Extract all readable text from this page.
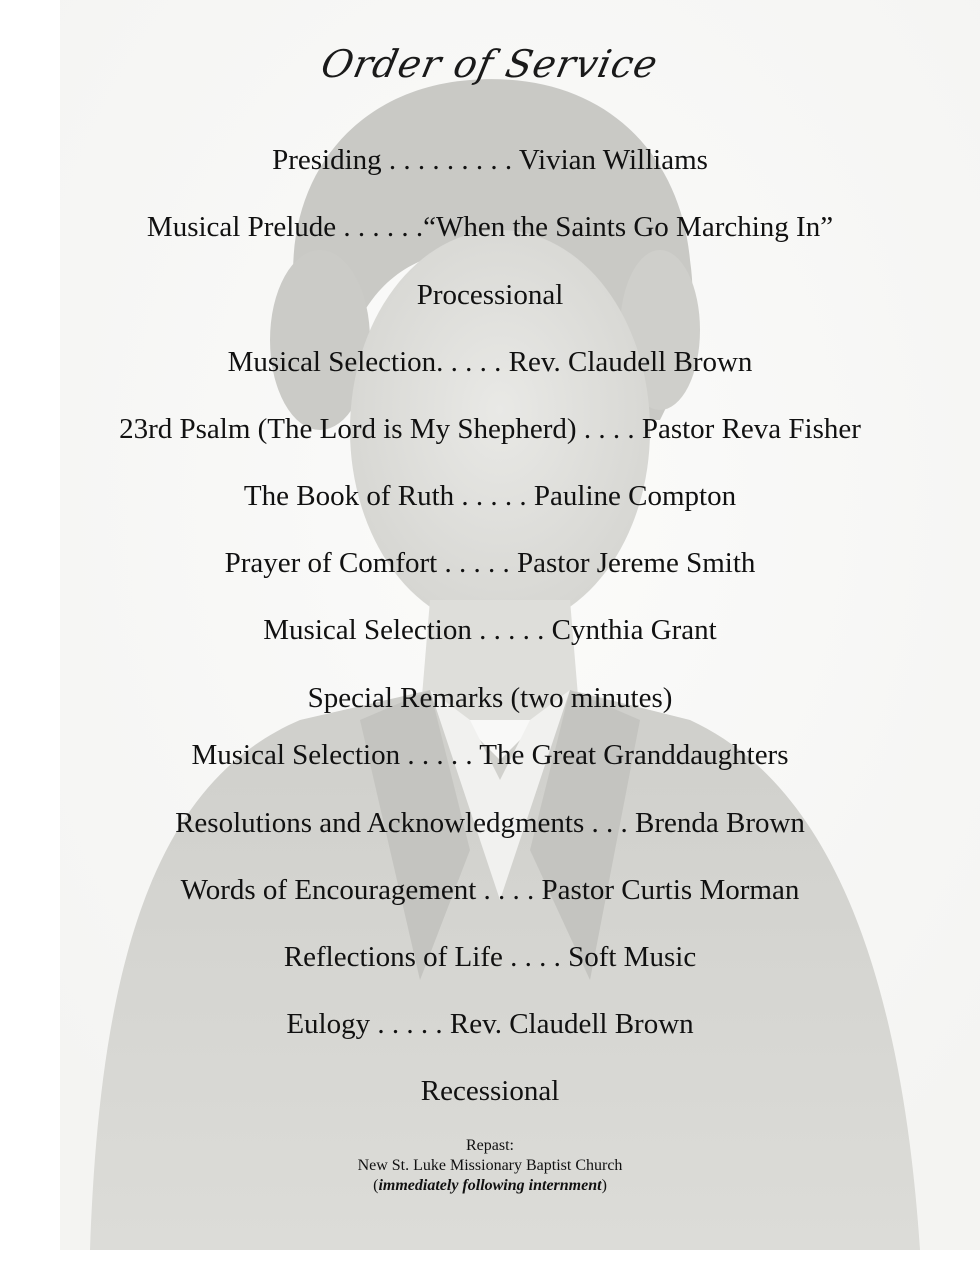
Order of Service
Presiding . . . . . . . . . Vivian Williams
Musical Prelude . . . . . .“When the Saints Go Marching In”
Processional
Musical Selection. . . . . Rev. Claudell Brown
23rd Psalm (The Lord is My Shepherd) . . . . Pastor Reva Fisher
The Book of Ruth . . . . . Pauline Compton
Prayer of Comfort . . . . . Pastor Jereme Smith
Musical Selection . . . . . Cynthia Grant
Special Remarks (two minutes)
Musical Selection . . . . . The Great Granddaughters
Resolutions and Acknowledgments . . . Brenda Brown
Words of Encouragement . . . . Pastor Curtis Morman
Reflections of Life . . . . Soft Music
Eulogy . . . . . Rev. Claudell Brown
Recessional
Repast:
New St. Luke Missionary Baptist Church
(immediately following internment)
